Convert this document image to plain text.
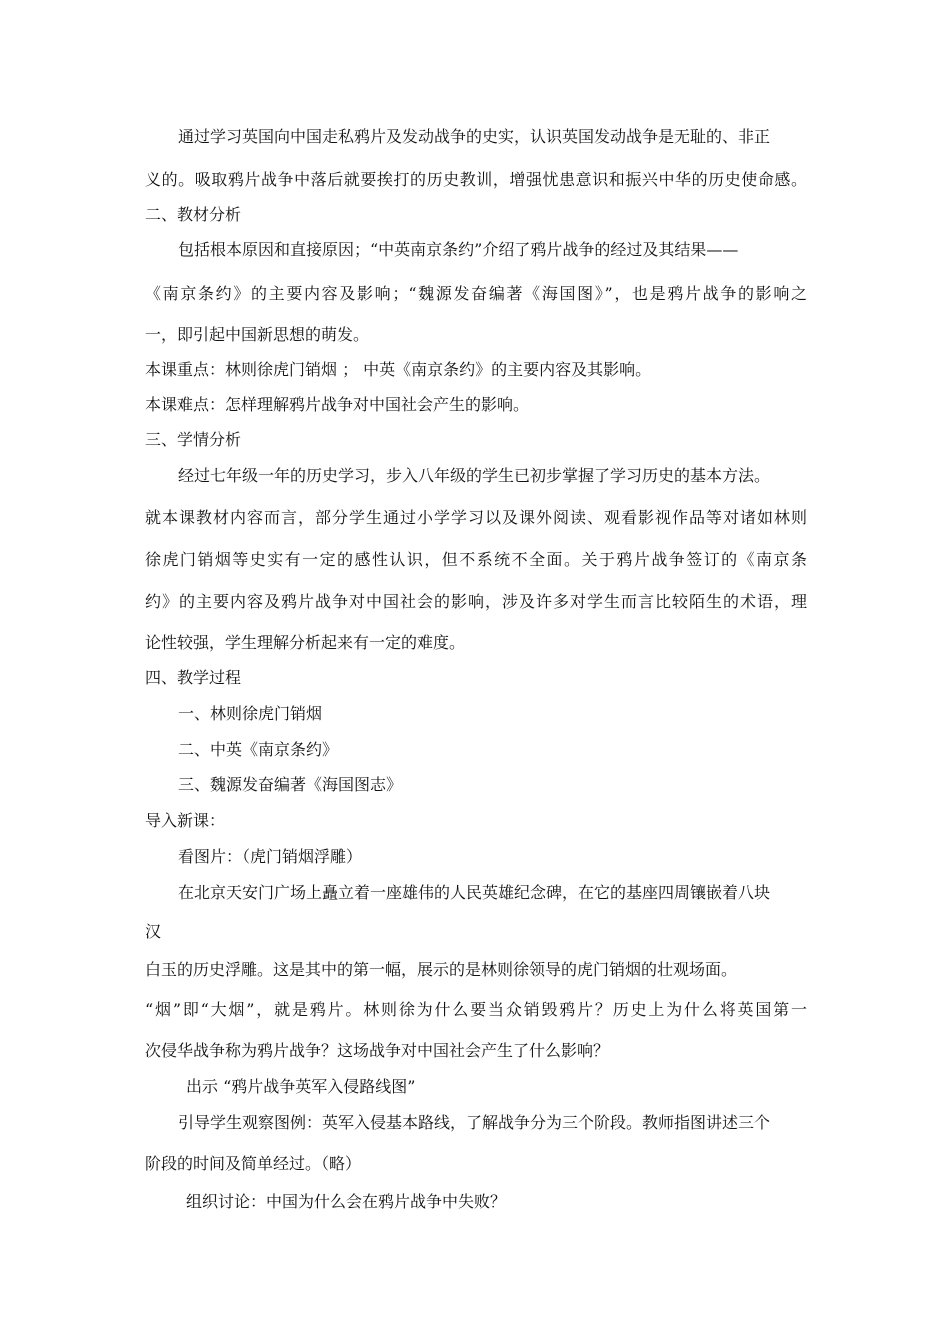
通过学习英国向中国走私鸦片及发动战争的史实，认识英国发动战争是无耻的、非正
义的。吸取鸦片战争中落后就要挨打的历史教训，增强忧患意识和振兴中华的历史使命感。
二、教材分析
包括根本原因和直接原因；“中英南京条约”介绍了鸦片战争的经过及其结果——
《南京条约》的主要内容及影响；“魏源发奋编著《海国图》”，也是鸦片战争的影响之
一，即引起中国新思想的萌发。
本课重点：林则徐虎门销烟 ； 中英《南京条约》的主要内容及其影响。
本课难点：怎样理解鸦片战争对中国社会产生的影响。
三、学情分析
经过七年级一年的历史学习，步入八年级的学生已初步掌握了学习历史的基本方法。
就本课教材内容而言，部分学生通过小学学习以及课外阅读、观看影视作品等对诸如林则
徐虎门销烟等史实有一定的感性认识，但不系统不全面。关于鸦片战争签订的《南京条
约》的主要内容及鸦片战争对中国社会的影响，涉及许多对学生而言比较陌生的术语，理
论性较强，学生理解分析起来有一定的难度。
四、教学过程
一、林则徐虎门销烟
二、中英《南京条约》
三、魏源发奋编著《海国图志》
导入新课：
看图片：（虎门销烟浮雕）
在北京天安门广场上矗立着一座雄伟的人民英雄纪念碑，在它的基座四周镶嵌着八块
汉
白玉的历史浮雕。这是其中的第一幅，展示的是林则徐领导的虎门销烟的壮观场面。
“烟”即“大烟”，就是鸦片。林则徐为什么要当众销毁鸦片？历史上为什么将英国第一
次侵华战争称为鸦片战争？这场战争对中国社会产生了什么影响？
出示 “鸦片战争英军入侵路线图”
引导学生观察图例：英军入侵基本路线，了解战争分为三个阶段。教师指图讲述三个
阶段的时间及简单经过。（略）
组织讨论：中国为什么会在鸦片战争中失败？
